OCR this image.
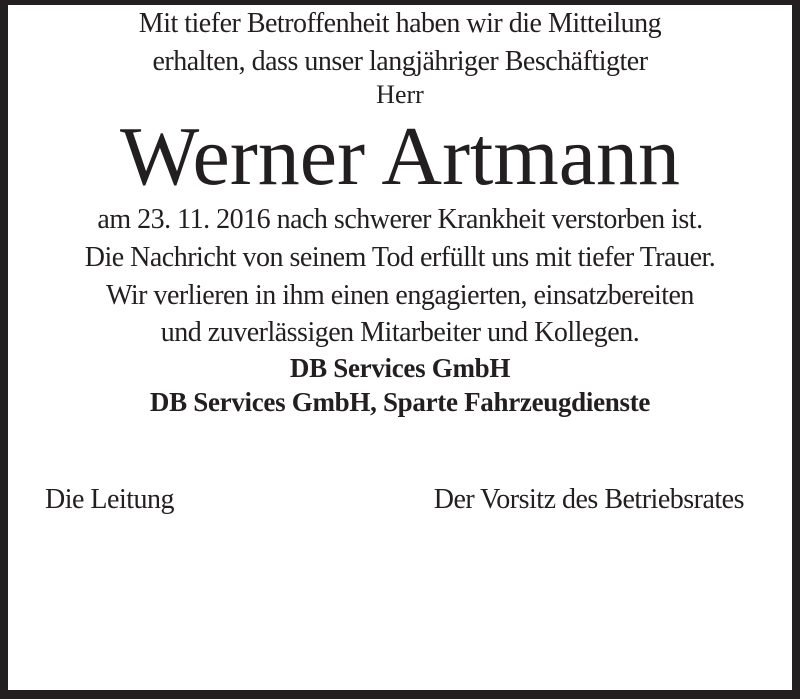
Mit tiefer Betroffenheit haben wir die Mitteilung
erhalten, dass unser langjähriger Beschäftigter

Herr

Werner Artmann

am 23. 11. 2016 nach schwerer Krankheit verstorben ist.

Die Nachricht von seinem Tod erfüllt uns mit tiefer Trauer.

Wir verlieren in ihm einen engagierten, einsatzbereiten
und zuverlässigen Mitarbeiter und Kollegen.

DB Services GmbH
DB Services GmbH, Sparte Fahrzeugdienste

Die Leitung	Der Vorsitz des Betriebsrates
